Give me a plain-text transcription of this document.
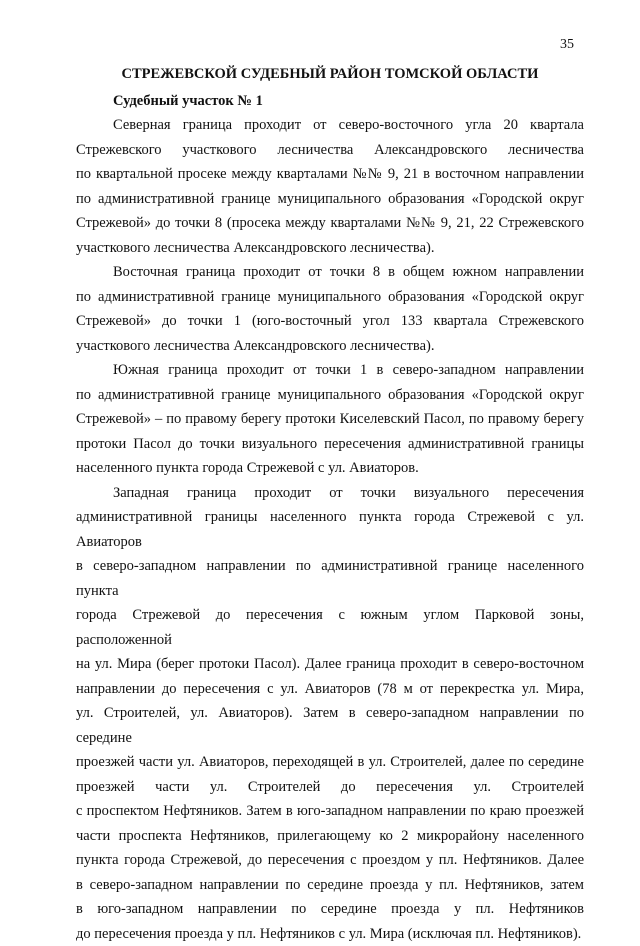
35
СТРЕЖЕВСКОЙ СУДЕБНЫЙ РАЙОН ТОМСКОЙ ОБЛАСТИ
Судебный участок № 1

Северная граница проходит от северо-восточного угла 20 квартала
Стрежевского участкового лесничества Александровского лесничества
по квартальной просеке между кварталами №№ 9, 21 в восточном направлении
по административной границе муниципального образования «Городской округ
Стрежевой» до точки 8 (просека между кварталами №№ 9, 21, 22 Стрежевского
участкового лесничества Александровского лесничества).

Восточная граница проходит от точки 8 в общем южном направлении
по административной границе муниципального образования «Городской округ
Стрежевой» до точки 1 (юго-восточный угол 133 квартала Стрежевского
участкового лесничества Александровского лесничества).

Южная граница проходит от точки 1 в северо-западном направлении
по административной границе муниципального образования «Городской округ
Стрежевой» – по правому берегу протоки Киселевский Пасол, по правому берегу
протоки Пасол до точки визуального пересечения административной границы
населенного пункта города Стрежевой с ул. Авиаторов.

Западная граница проходит от точки визуального пересечения
административной границы населенного пункта города Стрежевой с ул. Авиаторов
в северо-западном направлении по административной границе населенного пункта
города Стрежевой до пересечения с южным углом Парковой зоны, расположенной
на ул. Мира (берег протоки Пасол). Далее граница проходит в северо-восточном
направлении до пересечения с ул. Авиаторов (78 м от перекрестка ул. Мира,
ул. Строителей, ул. Авиаторов). Затем в северо-западном направлении по середине
проезжей части ул. Авиаторов, переходящей в ул. Строителей, далее по середине
проезжей части ул. Строителей до пересечения ул. Строителей
с проспектом Нефтяников. Затем в юго-западном направлении по краю проезжей
части проспекта Нефтяников, прилегающему ко 2 микрорайону населенного
пункта города Стрежевой, до пересечения с проездом у пл. Нефтяников. Далее
в северо-западном направлении по середине проезда у пл. Нефтяников, затем
в юго-западном направлении по середине проезда у пл. Нефтяников
до пересечения проезда у пл. Нефтяников с ул. Мира (исключая пл. Нефтяников).
